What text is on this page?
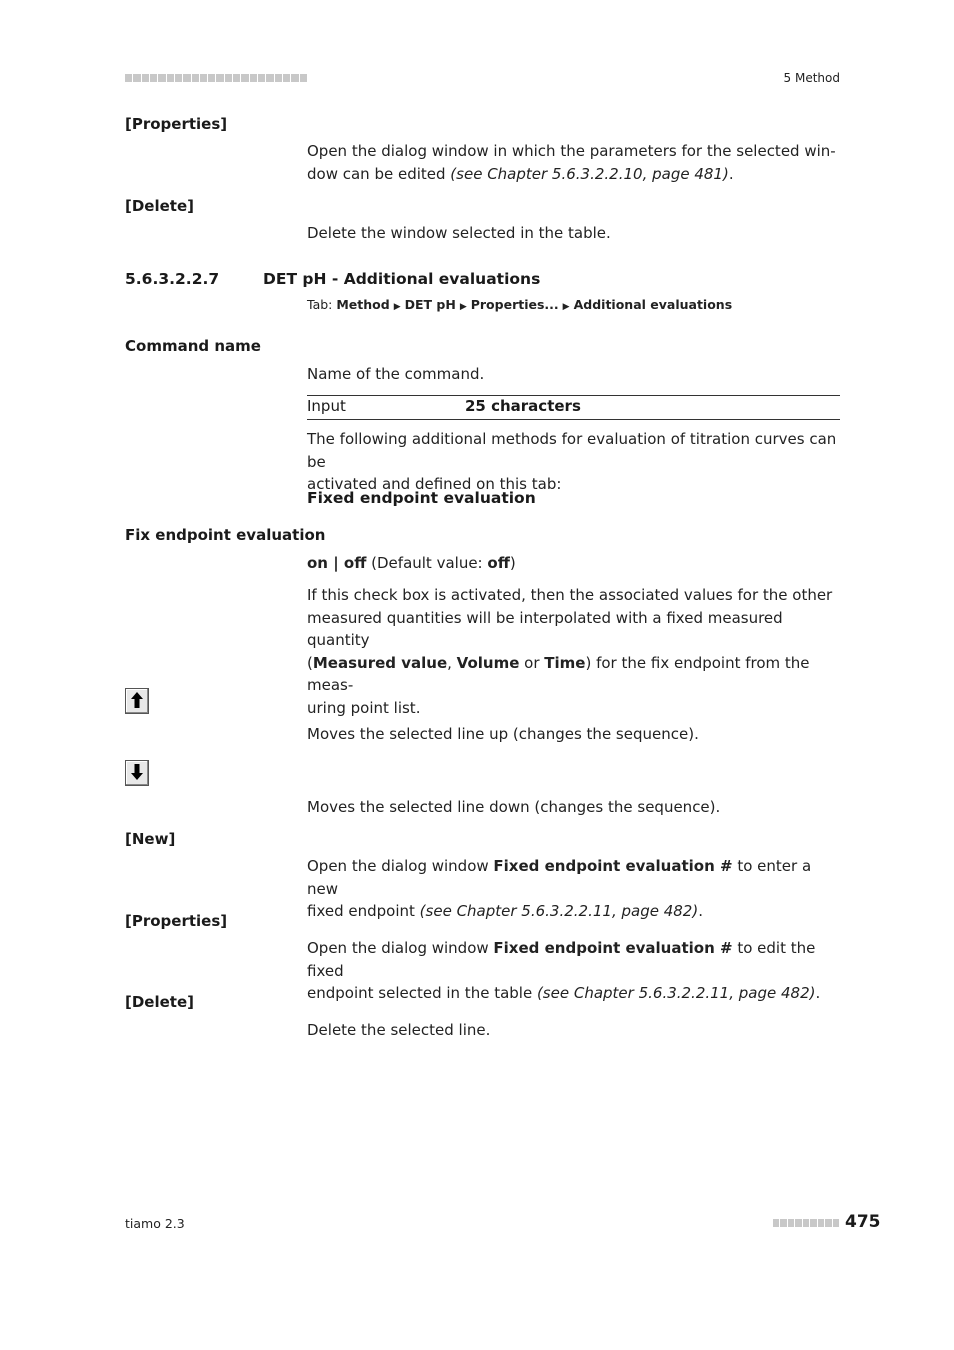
5 Method
[Properties]
Open the dialog window in which the parameters for the selected win-
dow can be edited (see Chapter 5.6.3.2.2.10, page 481).
[Delete]
Delete the window selected in the table.
5.6.3.2.2.7	DET pH - Additional evaluations
Tab: Method ▶ DET pH ▶ Properties... ▶ Additional evaluations
Command name
Name of the command.
Input	25 characters
The following additional methods for evaluation of titration curves can be
activated and defined on this tab:
Fixed endpoint evaluation
Fix endpoint evaluation
on | off (Default value: off)
If this check box is activated, then the associated values for the other
measured quantities will be interpolated with a fixed measured quantity
(Measured value, Volume or Time) for the fix endpoint from the meas-
uring point list.
Moves the selected line up (changes the sequence).
Moves the selected line down (changes the sequence).
[New]
Open the dialog window Fixed endpoint evaluation # to enter a new
fixed endpoint (see Chapter 5.6.3.2.2.11, page 482).
[Properties]
Open the dialog window Fixed endpoint evaluation # to edit the fixed
endpoint selected in the table (see Chapter 5.6.3.2.2.11, page 482).
[Delete]
Delete the selected line.
tiamo 2.3	475
